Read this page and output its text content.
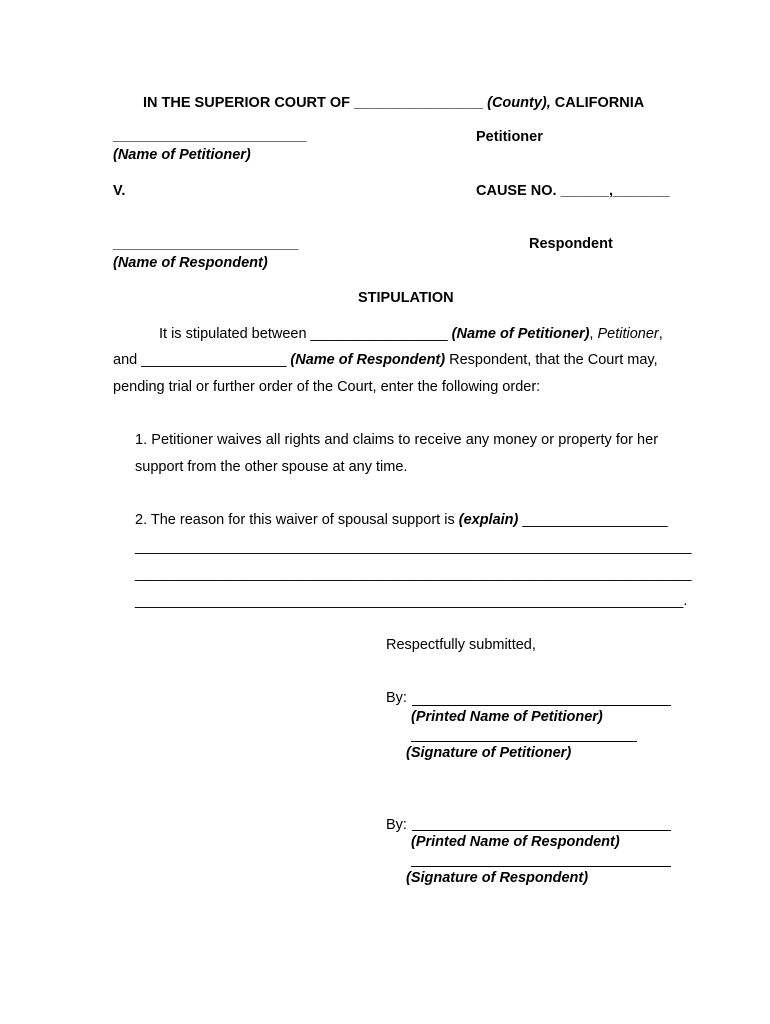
IN THE SUPERIOR COURT OF ________________ (County), CALIFORNIA
________________________
(Name of Petitioner)
Petitioner
V.	CAUSE NO. ______,_______
_______________________
(Name of Respondent)
Respondent
STIPULATION
It is stipulated between _________________ (Name of Petitioner), Petitioner,
and __________________ (Name of Respondent) Respondent, that the Court may,
pending trial or further order of the Court, enter the following order:
1. Petitioner waives all rights and claims to receive any money or property for her
support from the other spouse at any time.
2. The reason for this waiver of spousal support is (explain) __________________
_____________________________________________________________________
_____________________________________________________________________
____________________________________________________________________.
Respectfully submitted,
By:
(Printed Name of Petitioner)
(Signature of Petitioner)
By:
(Printed Name of Respondent)
(Signature of Respondent)
